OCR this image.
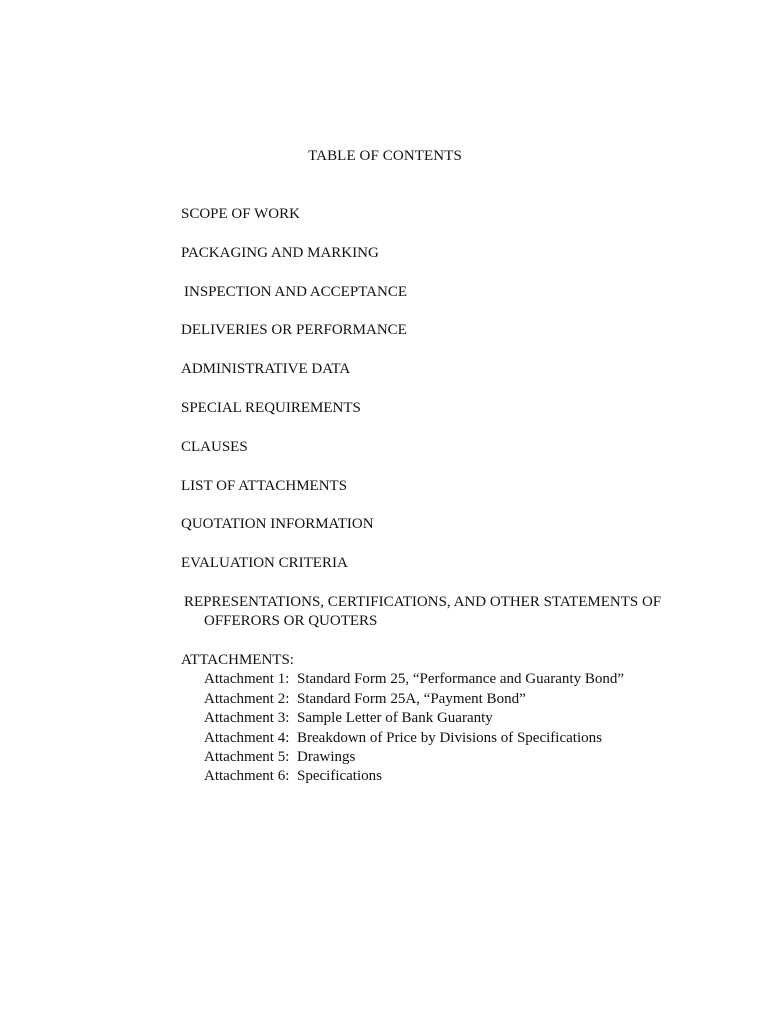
TABLE OF CONTENTS
SCOPE OF WORK
PACKAGING AND MARKING
INSPECTION AND ACCEPTANCE
DELIVERIES OR PERFORMANCE
ADMINISTRATIVE DATA
SPECIAL REQUIREMENTS
CLAUSES
LIST OF ATTACHMENTS
QUOTATION INFORMATION
EVALUATION CRITERIA
REPRESENTATIONS, CERTIFICATIONS, AND OTHER STATEMENTS OF
OFFERORS OR QUOTERS
ATTACHMENTS:
Attachment 1: Standard Form 25, “Performance and Guaranty Bond”
Attachment 2: Standard Form 25A, “Payment Bond”
Attachment 3: Sample Letter of Bank Guaranty
Attachment 4: Breakdown of Price by Divisions of Specifications
Attachment 5: Drawings
Attachment 6: Specifications
